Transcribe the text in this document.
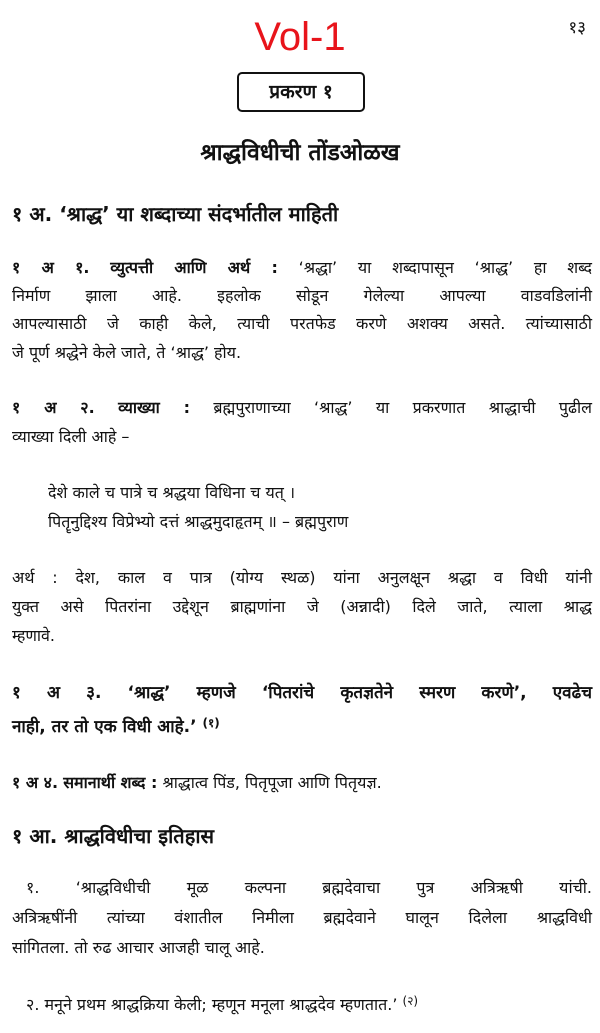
Vol-1	१३
प्रकरण १
श्राद्धविधीची तोंडओळख
१ अ. ‘श्राद्ध’ या शब्दाच्या संदर्भातील माहिती
१ अ १. व्युत्पत्ती आणि अर्थ : ‘श्रद्धा’ या शब्दापासून ‘श्राद्ध’ हा शब्द
निर्माण झाला आहे. इहलोक सोडून गेलेल्या आपल्या वाडवडिलांनी
आपल्यासाठी जे काही केले, त्याची परतफेड करणे अशक्य असते. त्यांच्यासाठी
जे पूर्ण श्रद्धेने केले जाते, ते ‘श्राद्ध’ होय.
१ अ २. व्याख्या : ब्रह्मपुराणाच्या ‘श्राद्ध’ या प्रकरणात श्राद्धाची पुढील
व्याख्या दिली आहे –
देशे काले च पात्रे च श्रद्धया विधिना च यत् ।
पितॄनुद्दिश्य विप्रेभ्यो दत्तं श्राद्धमुदाहृतम् ॥ – ब्रह्मपुराण
अर्थ : देश, काल व पात्र (योग्य स्थळ) यांना अनुलक्षून श्रद्धा व विधी यांनी
युक्त असे पितरांना उद्देशून ब्राह्मणांना जे (अन्नादी) दिले जाते, त्याला श्राद्ध
म्हणावे.
१ अ ३. ‘श्राद्ध’ म्हणजे ‘पितरांचे कृतज्ञतेने स्मरण करणे’, एवढेच
नाही, तर तो एक विधी आहे.’ $^{(१)}$
१ अ ४. समानार्थी शब्द : श्राद्धात्व पिंड, पितृपूजा आणि पितृयज्ञ.
१ आ. श्राद्धविधीचा इतिहास
१. ‘श्राद्धविधीची मूळ कल्पना ब्रह्मदेवाचा पुत्र अत्रिऋषी यांची.
अत्रिऋषींनी त्यांच्या वंशातील निमीला ब्रह्मदेवाने घालून दिलेला श्राद्धविधी
सांगितला. तो रुढ आचार आजही चालू आहे.
२. मनूने प्रथम श्राद्धक्रिया केली; म्हणून मनूला श्राद्धदेव म्हणतात.’ $^{(२)}$
